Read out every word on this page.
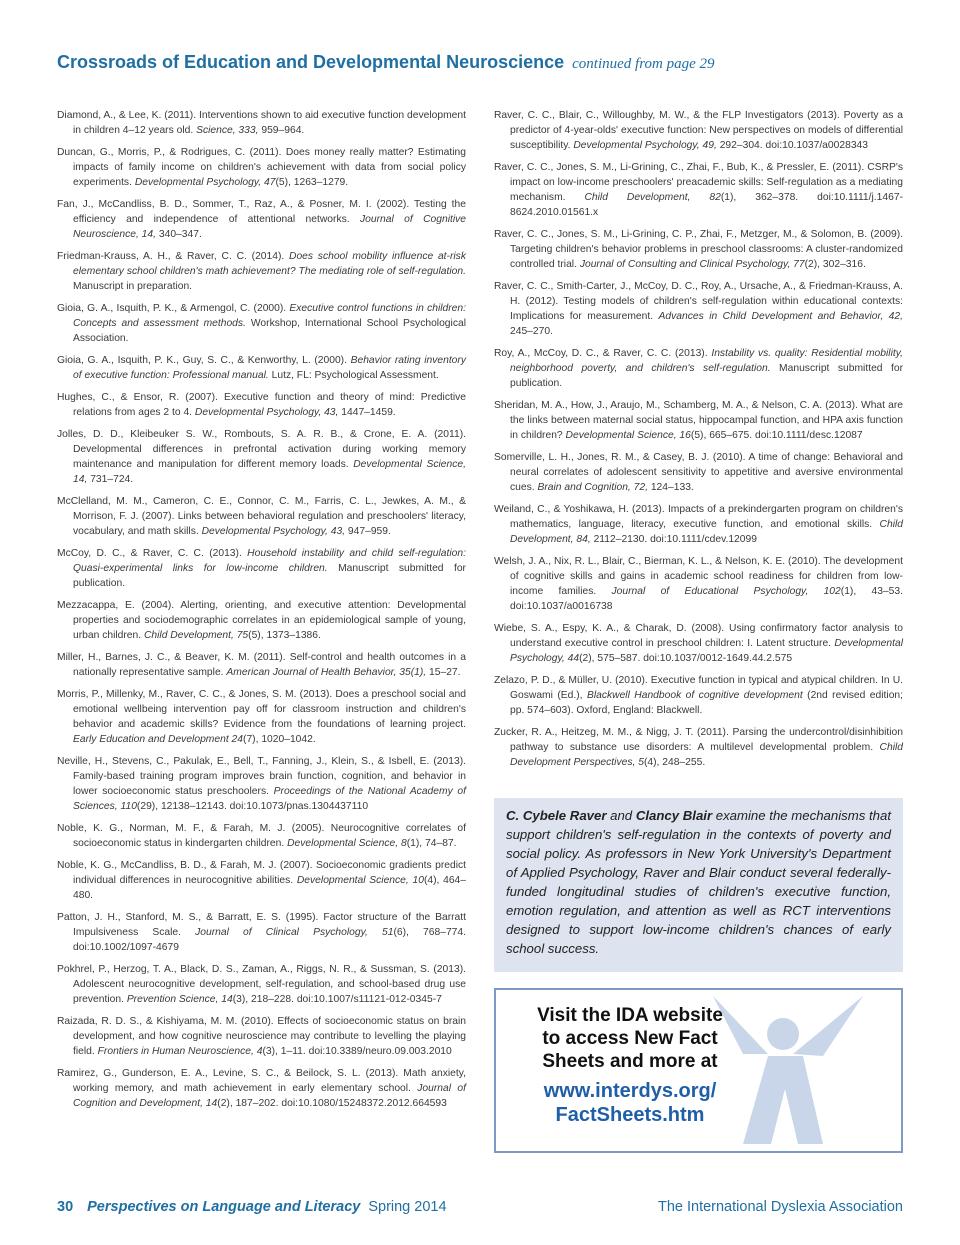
Crossroads of Education and Developmental Neuroscience continued from page 29
Diamond, A., & Lee, K. (2011). Interventions shown to aid executive function development in children 4–12 years old. Science, 333, 959–964.
Duncan, G., Morris, P., & Rodrigues, C. (2011). Does money really matter? Estimating impacts of family income on children's achievement with data from social policy experiments. Developmental Psychology, 47(5), 1263–1279.
Fan, J., McCandliss, B. D., Sommer, T., Raz, A., & Posner, M. I. (2002). Testing the efficiency and independence of attentional networks. Journal of Cognitive Neuroscience, 14, 340–347.
Friedman-Krauss, A. H., & Raver, C. C. (2014). Does school mobility influence at-risk elementary school children's math achievement? The mediating role of self-regulation. Manuscript in preparation.
Gioia, G. A., Isquith, P. K., & Armengol, C. (2000). Executive control functions in children: Concepts and assessment methods. Workshop, International School Psychological Association.
Gioia, G. A., Isquith, P. K., Guy, S. C., & Kenworthy, L. (2000). Behavior rating inventory of executive function: Professional manual. Lutz, FL: Psychological Assessment.
Hughes, C., & Ensor, R. (2007). Executive function and theory of mind: Predictive relations from ages 2 to 4. Developmental Psychology, 43, 1447–1459.
Jolles, D. D., Kleibeuker S. W., Rombouts, S. A. R. B., & Crone, E. A. (2011). Developmental differences in prefrontal activation during working memory maintenance and manipulation for different memory loads. Developmental Science, 14, 731–724.
McClelland, M. M., Cameron, C. E., Connor, C. M., Farris, C. L., Jewkes, A. M., & Morrison, F. J. (2007). Links between behavioral regulation and preschoolers' literacy, vocabulary, and math skills. Developmental Psychology, 43, 947–959.
McCoy, D. C., & Raver, C. C. (2013). Household instability and child self-regulation: Quasi-experimental links for low-income children. Manuscript submitted for publication.
Mezzacappa, E. (2004). Alerting, orienting, and executive attention: Developmental properties and sociodemographic correlates in an epidemiological sample of young, urban children. Child Development, 75(5), 1373–1386.
Miller, H., Barnes, J. C., & Beaver, K. M. (2011). Self-control and health outcomes in a nationally representative sample. American Journal of Health Behavior, 35(1), 15–27.
Morris, P., Millenky, M., Raver, C. C., & Jones, S. M. (2013). Does a preschool social and emotional wellbeing intervention pay off for classroom instruction and children's behavior and academic skills? Evidence from the foundations of learning project. Early Education and Development 24(7), 1020–1042.
Neville, H., Stevens, C., Pakulak, E., Bell, T., Fanning, J., Klein, S., & Isbell, E. (2013). Family-based training program improves brain function, cognition, and behavior in lower socioeconomic status preschoolers. Proceedings of the National Academy of Sciences, 110(29), 12138–12143. doi:10.1073/pnas.1304437110
Noble, K. G., Norman, M. F., & Farah, M. J. (2005). Neurocognitive correlates of socioeconomic status in kindergarten children. Developmental Science, 8(1), 74–87.
Noble, K. G., McCandliss, B. D., & Farah, M. J. (2007). Socioeconomic gradients predict individual differences in neurocognitive abilities. Developmental Science, 10(4), 464–480.
Patton, J. H., Stanford, M. S., & Barratt, E. S. (1995). Factor structure of the Barratt Impulsiveness Scale. Journal of Clinical Psychology, 51(6), 768–774. doi:10.1002/1097-4679
Pokhrel, P., Herzog, T. A., Black, D. S., Zaman, A., Riggs, N. R., & Sussman, S. (2013). Adolescent neurocognitive development, self-regulation, and school-based drug use prevention. Prevention Science, 14(3), 218–228. doi:10.1007/s11121-012-0345-7
Raizada, R. D. S., & Kishiyama, M. M. (2010). Effects of socioeconomic status on brain development, and how cognitive neuroscience may contribute to levelling the playing field. Frontiers in Human Neuroscience, 4(3), 1–11. doi:10.3389/neuro.09.003.2010
Ramirez, G., Gunderson, E. A., Levine, S. C., & Beilock, S. L. (2013). Math anxiety, working memory, and math achievement in early elementary school. Journal of Cognition and Development, 14(2), 187–202. doi:10.1080/15248372.2012.664593
Raver, C. C., Blair, C., Willoughby, M. W., & the FLP Investigators (2013). Poverty as a predictor of 4-year-olds' executive function: New perspectives on models of differential susceptibility. Developmental Psychology, 49, 292–304. doi:10.1037/a0028343
Raver, C. C., Jones, S. M., Li-Grining, C., Zhai, F., Bub, K., & Pressler, E. (2011). CSRP's impact on low-income preschoolers' preacademic skills: Self-regulation as a mediating mechanism. Child Development, 82(1), 362–378. doi:10.1111/j.1467-8624.2010.01561.x
Raver, C. C., Jones, S. M., Li-Grining, C. P., Zhai, F., Metzger, M., & Solomon, B. (2009). Targeting children's behavior problems in preschool classrooms: A cluster-randomized controlled trial. Journal of Consulting and Clinical Psychology, 77(2), 302–316.
Raver, C. C., Smith-Carter, J., McCoy, D. C., Roy, A., Ursache, A., & Friedman-Krauss, A. H. (2012). Testing models of children's self-regulation within educational contexts: Implications for measurement. Advances in Child Development and Behavior, 42, 245–270.
Roy, A., McCoy, D. C., & Raver, C. C. (2013). Instability vs. quality: Residential mobility, neighborhood poverty, and children's self-regulation. Manuscript submitted for publication.
Sheridan, M. A., How, J., Araujo, M., Schamberg, M. A., & Nelson, C. A. (2013). What are the links between maternal social status, hippocampal function, and HPA axis function in children? Developmental Science, 16(5), 665–675. doi:10.1111/desc.12087
Somerville, L. H., Jones, R. M., & Casey, B. J. (2010). A time of change: Behavioral and neural correlates of adolescent sensitivity to appetitive and aversive environmental cues. Brain and Cognition, 72, 124–133.
Weiland, C., & Yoshikawa, H. (2013). Impacts of a prekindergarten program on children's mathematics, language, literacy, executive function, and emotional skills. Child Development, 84, 2112–2130. doi:10.1111/cdev.12099
Welsh, J. A., Nix, R. L., Blair, C., Bierman, K. L., & Nelson, K. E. (2010). The development of cognitive skills and gains in academic school readiness for children from low-income families. Journal of Educational Psychology, 102(1), 43–53. doi:10.1037/a0016738
Wiebe, S. A., Espy, K. A., & Charak, D. (2008). Using confirmatory factor analysis to understand executive control in preschool children: I. Latent structure. Developmental Psychology, 44(2), 575–587. doi:10.1037/0012-1649.44.2.575
Zelazo, P. D., & Müller, U. (2010). Executive function in typical and atypical children. In U. Goswami (Ed.), Blackwell Handbook of cognitive development (2nd revised edition; pp. 574–603). Oxford, England: Blackwell.
Zucker, R. A., Heitzeg, M. M., & Nigg, J. T. (2011). Parsing the undercontrol/disinhibition pathway to substance use disorders: A multilevel developmental problem. Child Development Perspectives, 5(4), 248–255.
C. Cybele Raver and Clancy Blair examine the mechanisms that support children's self-regulation in the contexts of poverty and social policy. As professors in New York University's Department of Applied Psychology, Raver and Blair conduct several federally-funded longitudinal studies of children's executive function, emotion regulation, and attention as well as RCT interventions designed to support low-income children's chances of early school success.
Visit the IDA website
to access New Fact
Sheets and more at
www.interdys.org/
FactSheets.htm
30 Perspectives on Language and Literacy Spring 2014	The International Dyslexia Association
